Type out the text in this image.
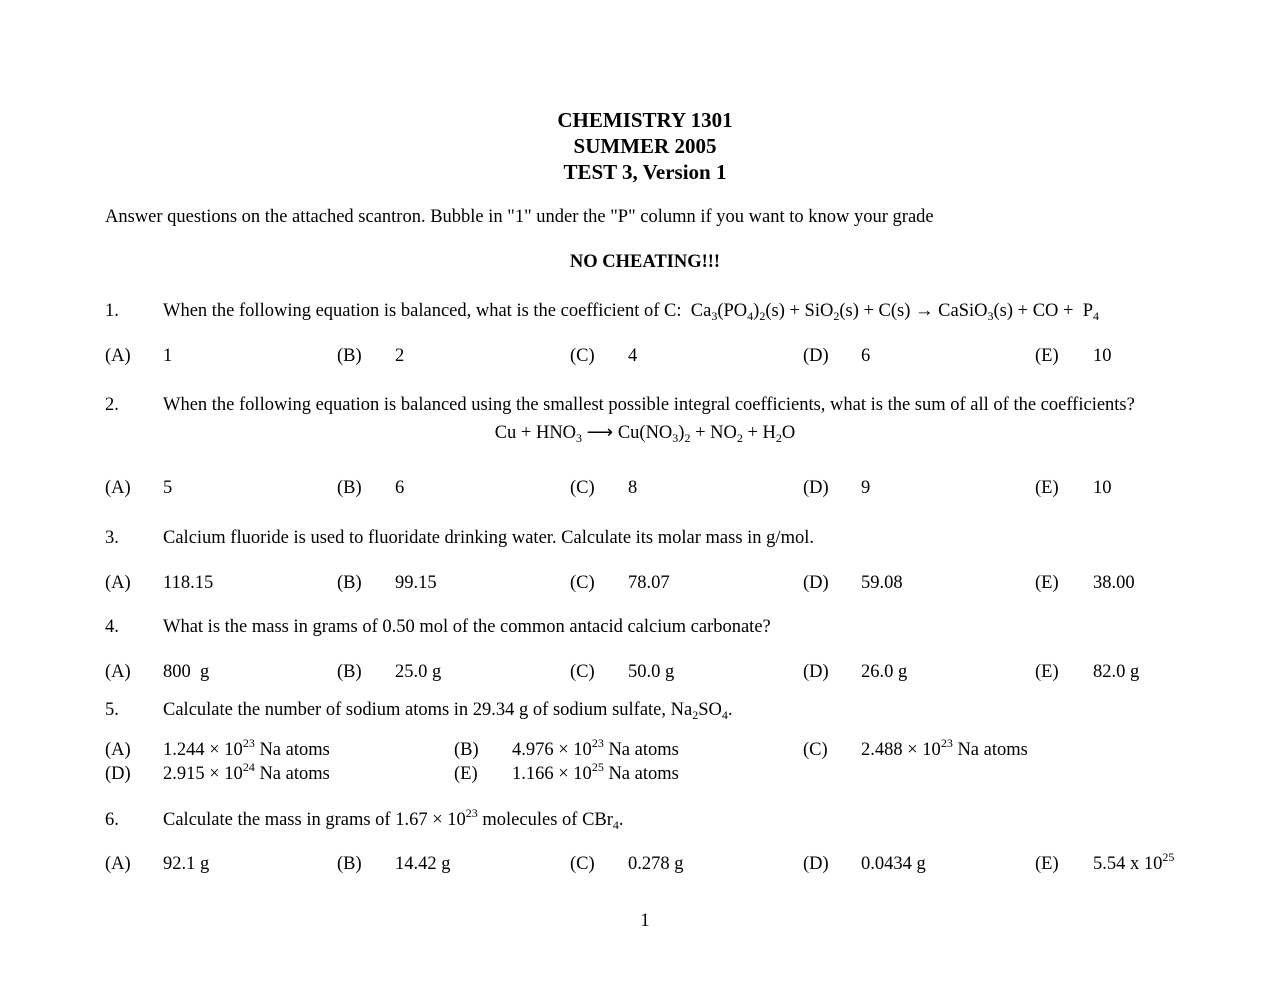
CHEMISTRY 1301
SUMMER 2005
TEST 3, Version 1
Answer questions on the attached scantron. Bubble in "1" under the "P" column if you want to know your grade
NO CHEATING!!!
1. When the following equation is balanced, what is the coefficient of C: $Ca_3(PO_4)_2(s) + SiO_2(s) + C(s)$ → CaSiO$_3$(s) + CO +  $P_4$
(A) 1	(B) 2	(C) 4	(D) 6	(E) 10
2. When the following equation is balanced using the smallest possible integral coefficients, what is the sum of all of the coefficients?
$Cu + HNO_3$ ⟶ $Cu(NO_3)_2 + NO_2 + H_2O$
(A) 5	(B) 6	(C) 8	(D) 9	(E) 10
3. Calcium fluoride is used to fluoridate drinking water. Calculate its molar mass in g/mol.
(A) 118.15	(B) 99.15	(C) 78.07	(D) 59.08	(E) 38.00
4. What is the mass in grams of 0.50 mol of the common antacid calcium carbonate?
(A) 800  g	(B) 25.0 g	(C) 50.0 g	(D) 26.0 g	(E) 82.0 g
5. Calculate the number of sodium atoms in 29.34 g of sodium sulfate, $Na_2SO_4$.
(A) $1.244 \times 10^{23}$ Na atoms	(B) $4.976 \times 10^{23}$ Na atoms	(C) $2.488 \times 10^{23}$ Na atoms
(D) $2.915 \times 10^{24}$ Na atoms	(E) $1.166 \times 10^{25}$ Na atoms
6. Calculate the mass in grams of $1.67 \times 10^{23}$ molecules of CBr$_4$.
(A) 92.1 g	(B) 14.42 g	(C) 0.278 g	(D) 0.0434 g	(E) 5.54 x $10^{25}$
1
